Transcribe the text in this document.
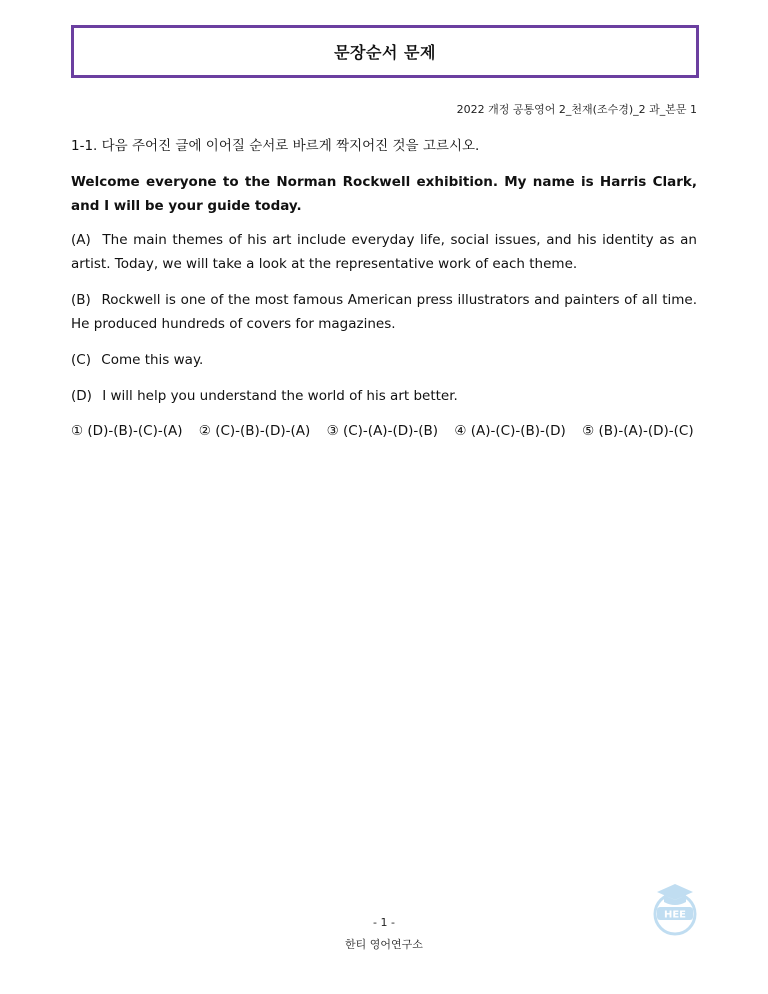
문장순서 문제
2022 개정 공통영어 2_천재(조수경)_2 과_본문 1

1-1. 다음 주어진 글에 이어질 순서로 바르게 짝지어진 것을 고르시오.

Welcome everyone to the Norman Rockwell exhibition. My name is Harris Clark, and I will be your guide today.

(A) The main themes of his art include everyday life, social issues, and his identity as an artist. Today, we will take a look at the representative work of each theme.

(B) Rockwell is one of the most famous American press illustrators and painters of all time. He produced hundreds of covers for magazines.

(C) Come this way.

(D) I will help you understand the world of his art better.

① (D)-(B)-(C)-(A) ② (C)-(B)-(D)-(A) ③ (C)-(A)-(D)-(B) ④ (A)-(C)-(B)-(D) ⑤ (B)-(A)-(D)-(C)
- 1 -
한티 영어연구소
HEE
